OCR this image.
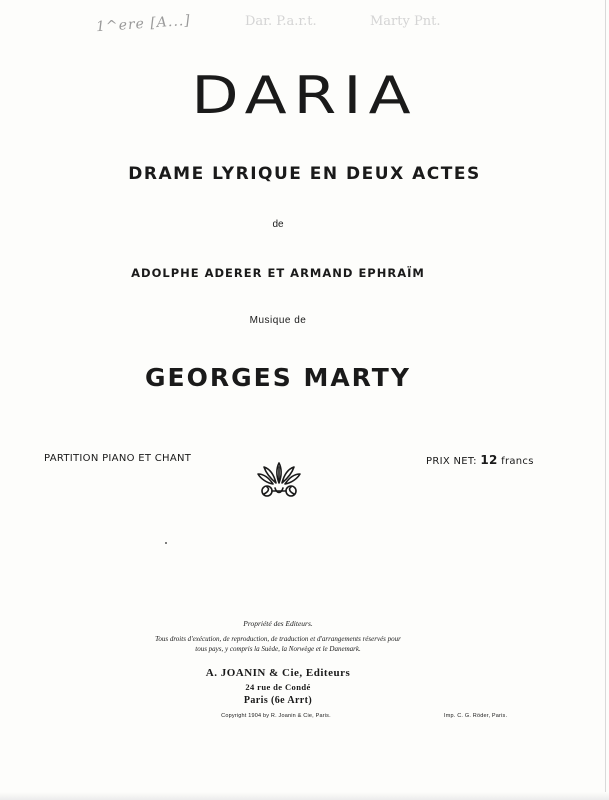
1^ere [A...]	Dar. P.a.r.t.	Marty Pnt.
DARIA
DRAME LYRIQUE EN DEUX ACTES
de
ADOLPHE ADERER ET ARMAND EPHRAÏM
Musique de
GEORGES MARTY
PARTITION PIANO ET CHANT	PRIX NET: 12 francs
Propriété des Editeurs.
Tous droits d'exécution, de reproduction, de traduction et d'arrangements réservés pour
tous pays, y compris la Suède, la Norwège et le Danemark.
A. JOANIN & Cie, Editeurs
24 rue de Condé
Paris (6e Arrt)
Copyright 1904 by R. Joanin & Cie, Paris.	Imp. C. G. Röder, Paris.
